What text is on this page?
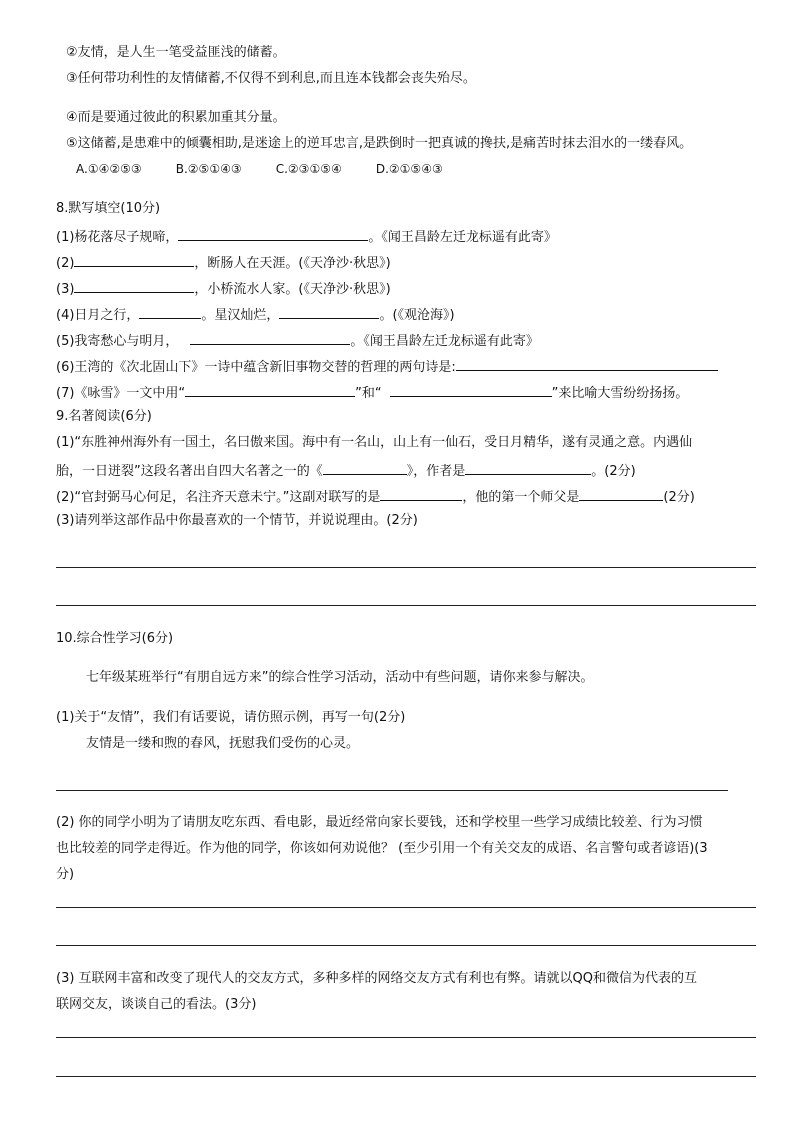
②友情，是人生一笔受益匪浅的储蓄。
③任何带功利性的友情储蓄,不仅得不到利息,而且连本钱都会丧失殆尽。
④而是要通过彼此的积累加重其分量。
⑤这储蓄,是患难中的倾囊相助,是迷途上的逆耳忠言,是跌倒时一把真诚的搀扶,是痛苦时抹去泪水的一缕春风。
A.①④②⑤③	B.②⑤①④③	C.②③①⑤④	D.②①⑤④③
8.默写填空(10分)
(1)杨花落尽子规啼，	。《闻王昌龄左迁龙标遥有此寄》
(2)	，断肠人在天涯。(《天净沙·秋思》)
(3)	，小桥流水人家。(《天净沙·秋思》)
(4)日月之行，	。星汉灿烂，	。(《观沧海》)
(5)我寄愁心与明月，	。《闻王昌龄左迁龙标遥有此寄》
(6)王湾的《次北固山下》一诗中蕴含新旧事物交替的哲理的两句诗是:
(7)《咏雪》一文中用“	”和“	”来比喻大雪纷纷扬扬。
9.名著阅读(6分)
(1)“东胜神州海外有一国土，名曰傲来国。海中有一名山，山上有一仙石，受日月精华，遂有灵通之意。内遇仙
胎，一日迸裂”这段名著出自四大名著之一的《	》，作者是	。(2分)
(2)“官封弼马心何足，名注齐天意未宁。”这副对联写的是	，他的第一个师父是	(2分)
(3)请列举这部作品中你最喜欢的一个情节，并说说理由。(2分)
10.综合性学习(6分)
七年级某班举行“有朋自远方来”的综合性学习活动，活动中有些问题，请你来参与解决。
(1)关于“友情”，我们有话要说，请仿照示例，再写一句(2分)
友情是一缕和煦的春风，抚慰我们受伤的心灵。
(2) 你的同学小明为了请朋友吃东西、看电影，最近经常向家长要钱，还和学校里一些学习成绩比较差、行为习惯
也比较差的同学走得近。作为他的同学，你该如何劝说他？ (至少引用一个有关交友的成语、名言警句或者谚语)(3
分)
(3) 互联网丰富和改变了现代人的交友方式，多种多样的网络交友方式有利也有弊。请就以QQ和微信为代表的互
联网交友，谈谈自己的看法。(3分)
